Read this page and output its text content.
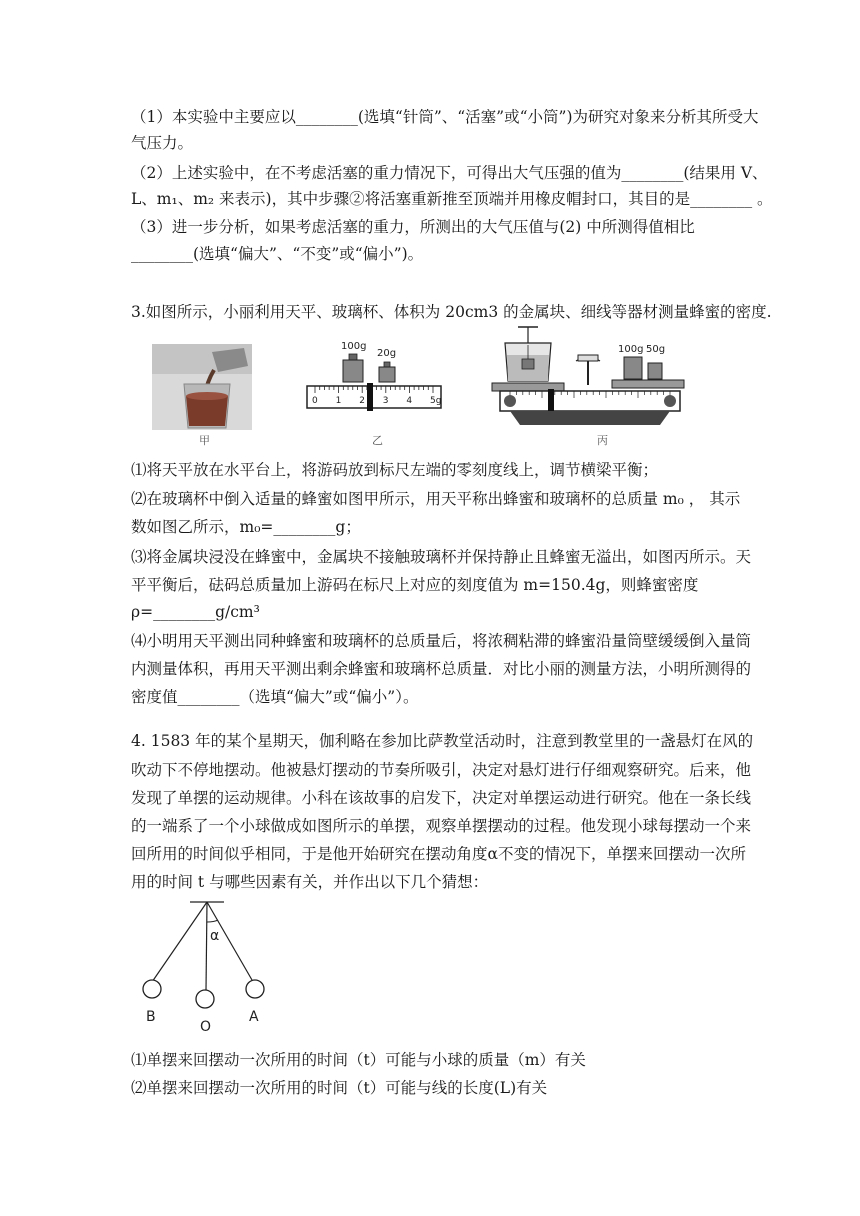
（1）本实验中主要应以________(选填“针筒”、“活塞”或“小筒”)为研究对象来分析其所受大
气压力。
（2）上述实验中，在不考虑活塞的重力情况下，可得出大气压强的值为________(结果用 V、
L、m₁、m₂ 来表示)，其中步骤②将活塞重新推至顶端并用橡皮帽封口，其目的是________ 。
（3）进一步分析，如果考虑活塞的重力，所测出的大气压值与(2) 中所测得值相比
________(选填“偏大”、“不变”或“偏小”)。
3.如图所示，小丽利用天平、玻璃杯、体积为 20cm3 的金属块、细线等器材测量蜂蜜的密度.
甲
100g
20g
0 1 2 3 4 5g
乙
100g 50g
丙
⑴将天平放在水平台上，将游码放到标尺左端的零刻度线上，调节横梁平衡；
⑵在玻璃杯中倒入适量的蜂蜜如图甲所示，用天平称出蜂蜜和玻璃杯的总质量 m₀ ， 其示
数如图乙所示，m₀=________g；
⑶将金属块浸没在蜂蜜中，金属块不接触玻璃杯并保持静止且蜂蜜无溢出，如图丙所示。天
平平衡后，砝码总质量加上游码在标尺上对应的刻度值为 m=150.4g，则蜂蜜密度
ρ=________g/cm³
⑷小明用天平测出同种蜂蜜和玻璃杯的总质量后，将浓稠粘滞的蜂蜜沿量筒壁缓缓倒入量筒
内测量体积，再用天平测出剩余蜂蜜和玻璃杯总质量．对比小丽的测量方法，小明所测得的
密度值________（选填“偏大”或“偏小”）。
4. 1583 年的某个星期天，伽利略在参加比萨教堂活动时，注意到教堂里的一盏悬灯在风的
吹动下不停地摆动。他被悬灯摆动的节奏所吸引，决定对悬灯进行仔细观察研究。后来，他
发现了单摆的运动规律。小科在该故事的启发下，决定对单摆运动进行研究。他在一条长线
的一端系了一个小球做成如图所示的单摆，观察单摆摆动的过程。他发现小球每摆动一个来
回所用的时间似乎相同，于是他开始研究在摆动角度α不变的情况下，单摆来回摆动一次所
用的时间 t 与哪些因素有关，并作出以下几个猜想：
α
B
O
A
⑴单摆来回摆动一次所用的时间（t）可能与小球的质量（m）有关
⑵单摆来回摆动一次所用的时间（t）可能与线的长度(L)有关
